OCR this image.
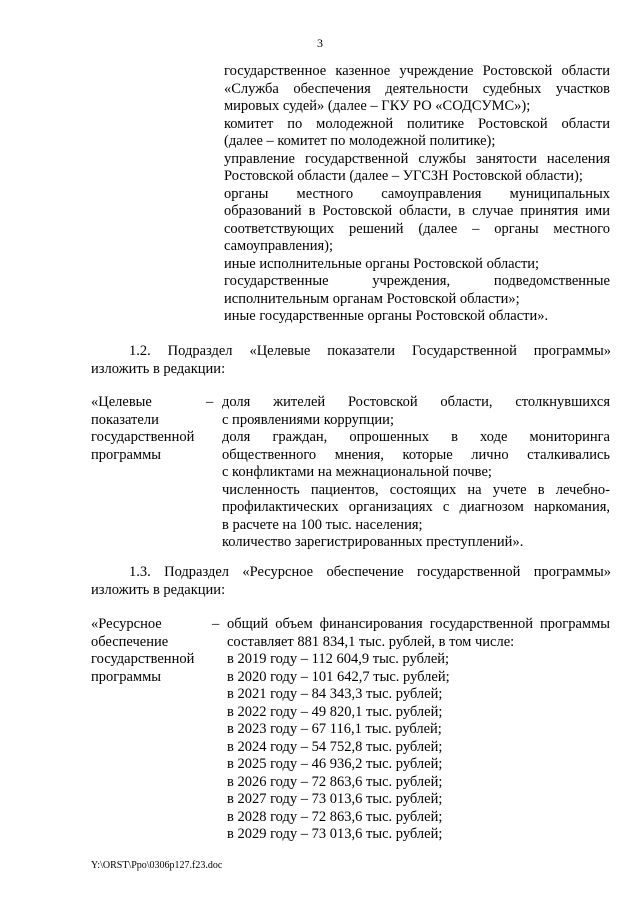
3
государственное казенное учреждение Ростовской области
«Служба обеспечения деятельности судебных участков
мировых судей» (далее – ГКУ РО «СОДСУМС»);
комитет по молодежной политике Ростовской области
(далее – комитет по молодежной политике);
управление государственной службы занятости населения
Ростовской области (далее – УГСЗН Ростовской области);
органы местного самоуправления муниципальных
образований в Ростовской области, в случае принятия ими
соответствующих решений (далее – органы местного
самоуправления);
иные исполнительные органы Ростовской области;
государственные учреждения, подведомственные
исполнительным органам Ростовской области»;
иные государственные органы Ростовской области».
1.2. Подраздел «Целевые показатели Государственной программы»
изложить в редакции:
«Целевые
показатели
государственной
программы
– доля жителей Ростовской области, столкнувшихся
с проявлениями коррупции;
доля граждан, опрошенных в ходе мониторинга
общественного мнения, которые лично сталкивались
с конфликтами на межнациональной почве;
численность пациентов, состоящих на учете в лечебно-
профилактических организациях с диагнозом наркомания,
в расчете на 100 тыс. населения;
количество зарегистрированных преступлений».
1.3. Подраздел «Ресурсное обеспечение государственной программы»
изложить в редакции:
«Ресурсное
обеспечение
государственной
программы
– общий объем финансирования государственной программы
составляет 881 834,1 тыс. рублей, в том числе:
в 2019 году – 112 604,9 тыс. рублей;
в 2020 году – 101 642,7 тыс. рублей;
в 2021 году – 84 343,3 тыс. рублей;
в 2022 году – 49 820,1 тыс. рублей;
в 2023 году – 67 116,1 тыс. рублей;
в 2024 году – 54 752,8 тыс. рублей;
в 2025 году – 46 936,2 тыс. рублей;
в 2026 году – 72 863,6 тыс. рублей;
в 2027 году – 73 013,6 тыс. рублей;
в 2028 году – 72 863,6 тыс. рублей;
в 2029 году – 73 013,6 тыс. рублей;
Y:\ORST\Ppo\0306p127.f23.doc
